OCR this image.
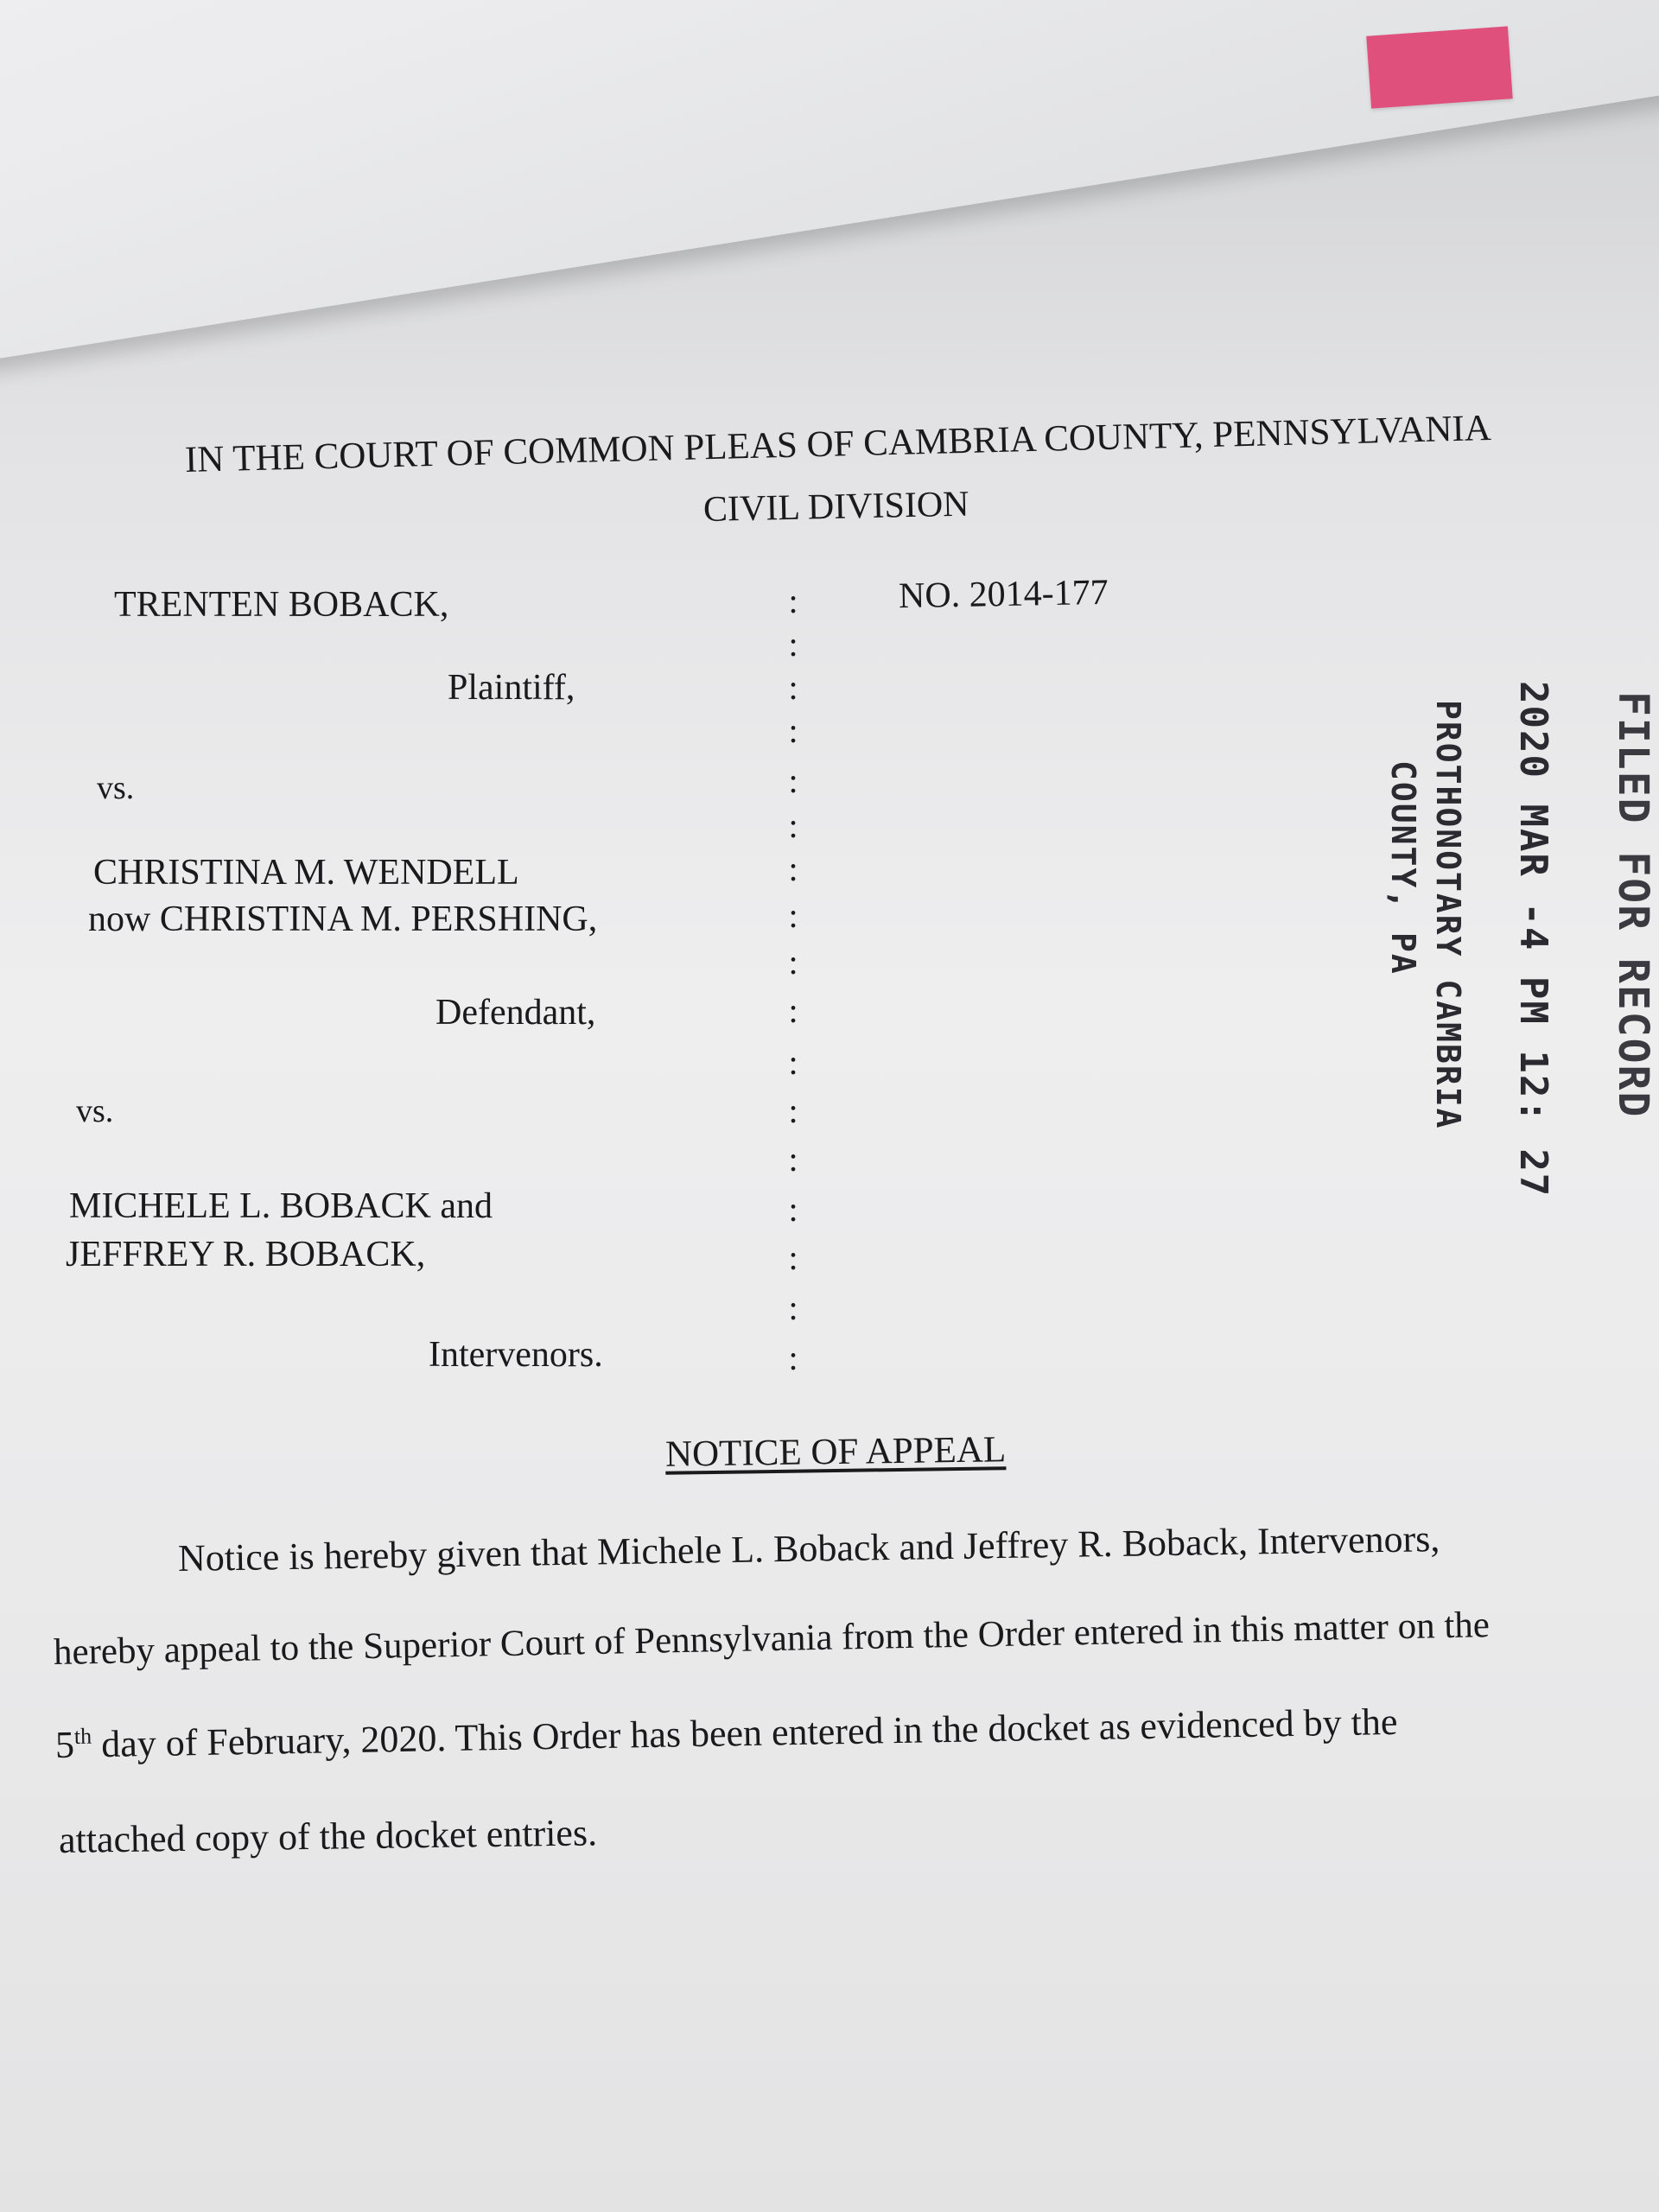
IN THE COURT OF COMMON PLEAS OF CAMBRIA COUNTY, PENNSYLVANIA
CIVIL DIVISION
TRENTEN BOBACK,	NO. 2014-177
Plaintiff,
vs.
CHRISTINA M. WENDELL
now CHRISTINA M. PERSHING,
Defendant,
vs.
MICHELE L. BOBACK and
JEFFREY R. BOBACK,
Intervenors.
:
:
:
:
:
:
:
:
:
:
:
:
:
:
:
:
:
NOTICE OF APPEAL
Notice is hereby given that Michele L. Boback and Jeffrey R. Boback, Intervenors,
hereby appeal to the Superior Court of Pennsylvania from the Order entered in this matter on the
5th day of February, 2020. This Order has been entered in the docket as evidenced by the
attached copy of the docket entries.
FILED FOR RECORD
2020 MAR -4 PM 12: 27
PROTHONOTARY CAMBRIA
COUNTY, PA
